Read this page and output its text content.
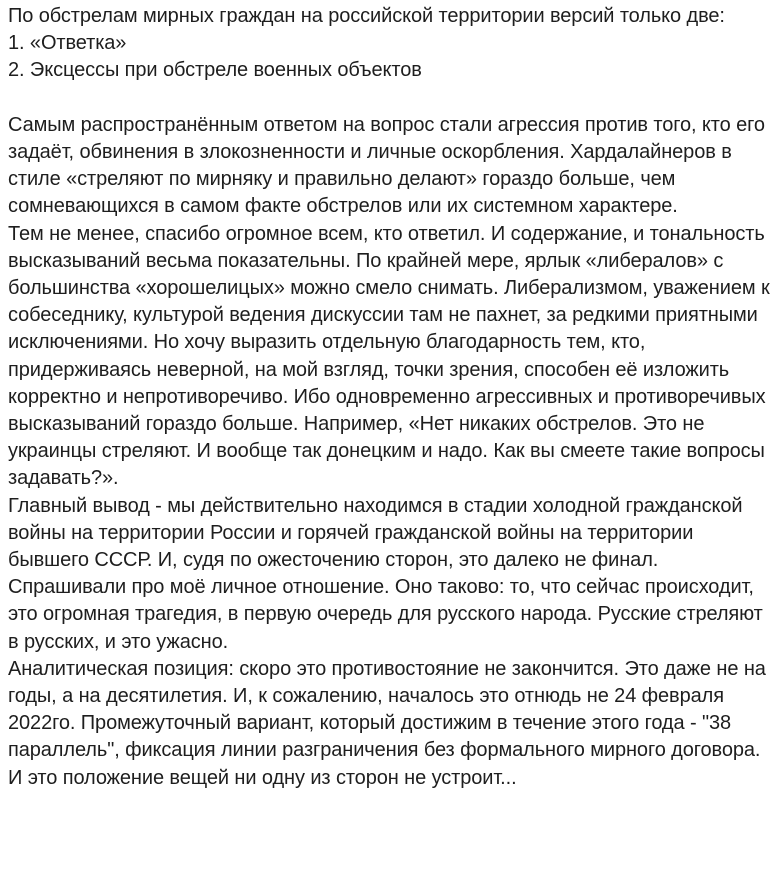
По обстрелам мирных граждан на российской территории версий только две:
1. «Ответка»
2. Эксцессы при обстреле военных объектов
Самым распространённым ответом на вопрос стали агрессия против того, кто его задаёт, обвинения в злокозненности и личные оскорбления. Хардалайнеров в стиле «стреляют по мирняку и правильно делают» гораздо больше, чем сомневающихся в самом факте обстрелов или их системном характере.
Тем не менее, спасибо огромное всем, кто ответил. И содержание, и тональность высказываний весьма показательны. По крайней мере, ярлык «либералов» с большинства «хорошелицых» можно смело снимать. Либерализмом, уважением к собеседнику, культурой ведения дискуссии там не пахнет, за редкими приятными исключениями. Но хочу выразить отдельную благодарность тем, кто, придерживаясь неверной, на мой взгляд, точки зрения, способен её изложить корректно и непротиворечиво. Ибо одновременно агрессивных и противоречивых высказываний гораздо больше. Например, «Нет никаких обстрелов. Это не украинцы стреляют. И вообще так донецким и надо. Как вы смеете такие вопросы задавать?».
Главный вывод - мы действительно находимся в стадии холодной гражданской войны на территории России и горячей гражданской войны на территории бывшего СССР. И, судя по ожесточению сторон, это далеко не финал.
Спрашивали про моё личное отношение. Оно таково: то, что сейчас происходит, это огромная трагедия, в первую очередь для русского народа. Русские стреляют в русских, и это ужасно.
Аналитическая позиция: скоро это противостояние не закончится. Это даже не на годы, а на десятилетия. И, к сожалению, началось это отнюдь не 24 февраля 2022го. Промежуточный вариант, который достижим в течение этого года - "38 параллель", фиксация линии разграничения без формального мирного договора. И это положение вещей ни одну из сторон не устроит...
